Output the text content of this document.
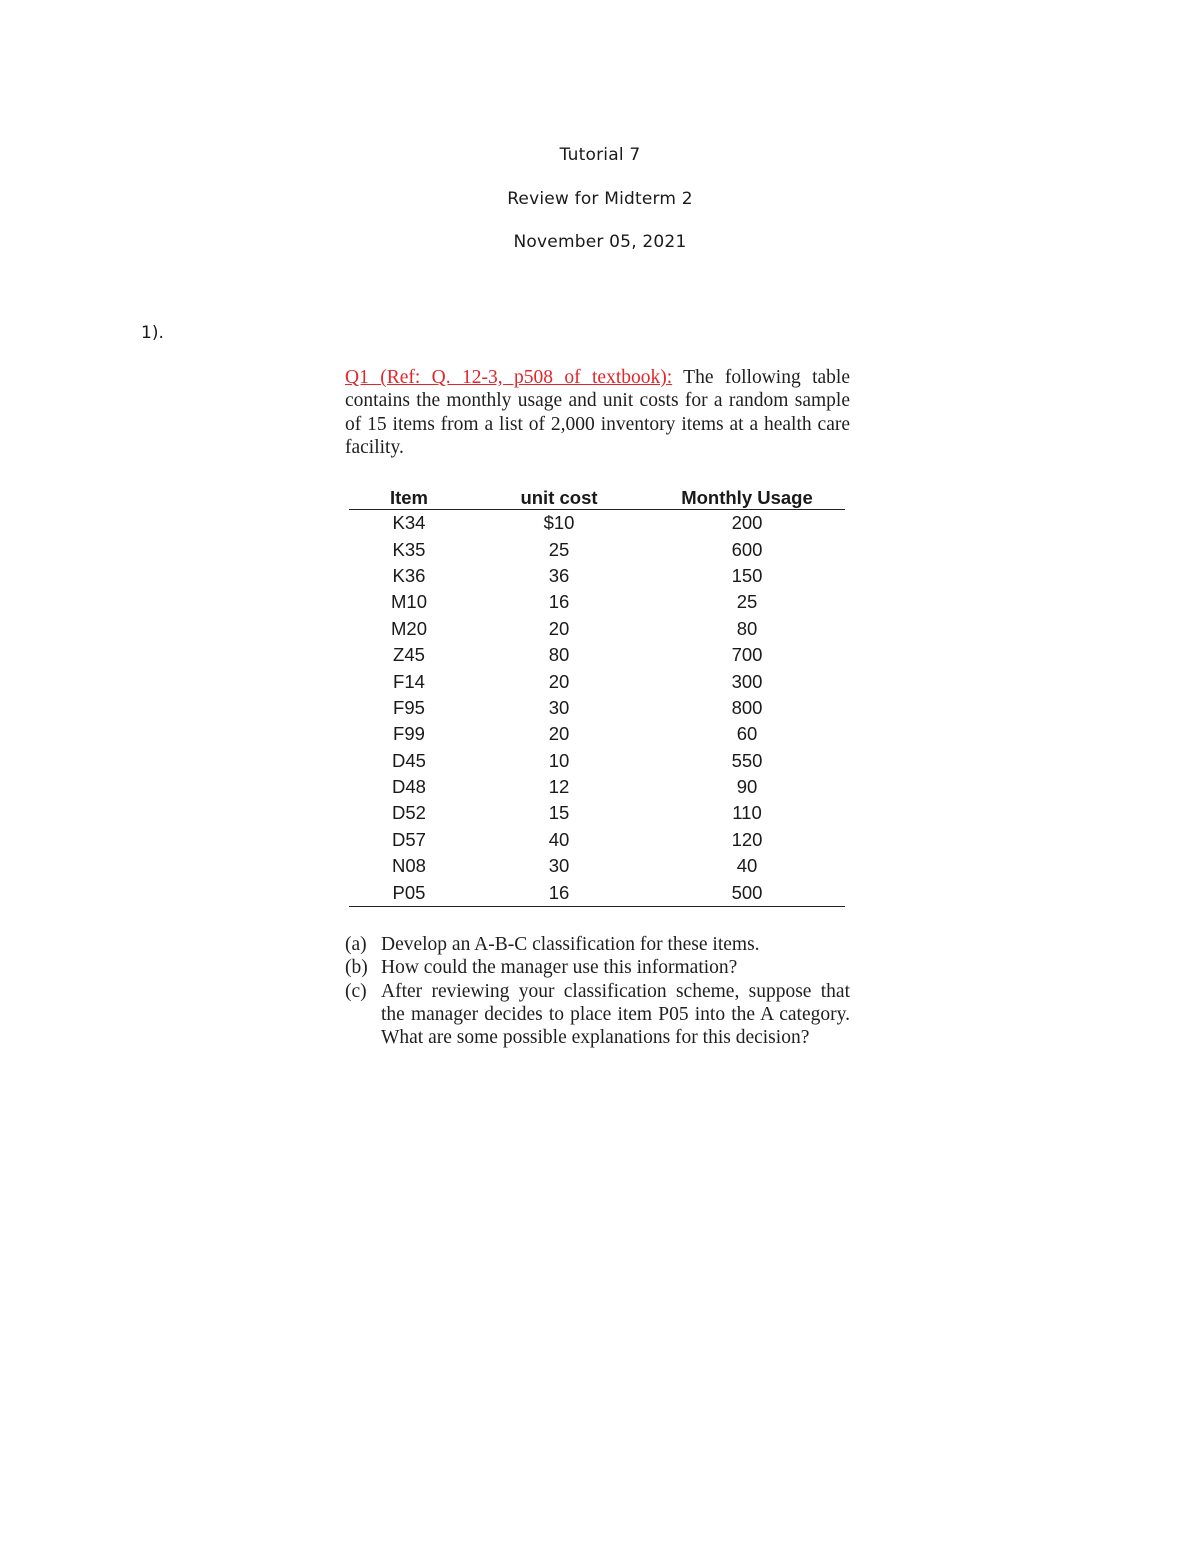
Tutorial 7
Review for Midterm 2
November 05, 2021
1).
Q1 (Ref: Q. 12-3, p508 of textbook): The following table contains the monthly usage and unit costs for a random sample of 15 items from a list of 2,000 inventory items at a health care facility.
Item	unit cost	Monthly Usage
K34	$10	200
K35	25	600
K36	36	150
M10	16	25
M20	20	80
Z45	80	700
F14	20	300
F95	30	800
F99	20	60
D45	10	550
D48	12	90
D52	15	110
D57	40	120
N08	30	40
P05	16	500
(a) Develop an A-B-C classification for these items.
(b) How could the manager use this information?
(c) After reviewing your classification scheme, suppose that the manager decides to place item P05 into the A category. What are some possible explanations for this decision?
